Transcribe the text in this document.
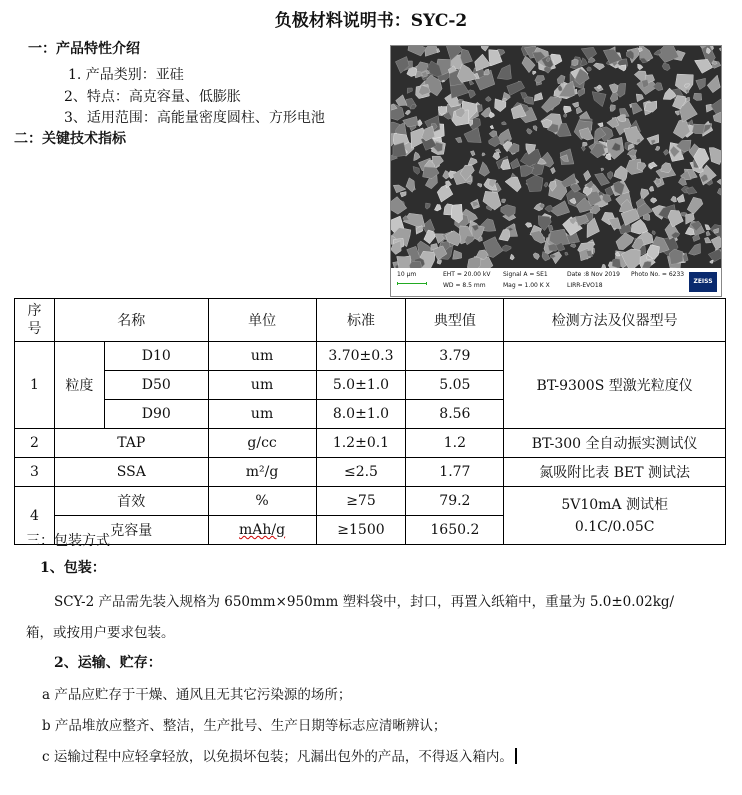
负极材料说明书：SYC-2
一：产品特性介绍
1. 产品类别：亚硅
2、特点：高克容量、低膨胀
3、适用范围：高能量密度圆柱、方形电池
二：关键技术指标
10 μm	EHT = 20.00 kV
WD = 8.5 mm
Signal A = SE1
Mag = 1.00 K X
Date :8 Nov 2019
LIRR-EVO18
Photo No. = 6233
ZEISS
序号	名称		单位	标准	典型值	检测方法及仪器型号
1	粒度	D10	um	3.70±0.3	3.79	BT-9300S 型激光粒度仪
		D50	um	5.0±1.0	5.05	
		D90	um	8.0±1.0	8.56	
2	TAP		g/cc	1.2±0.1	1.2	BT-300 全自动振实测试仪
3	SSA		m²/g	≤2.5	1.77	氮吸附比表 BET 测试法
4	首效		%	≥75	79.2	5V10mA 测试柜
0.1C/0.05C

	克容量		mAh/g	≥1500	1650.2	
三：包装方式
1、包装：
SCY-2 产品需先装入规格为 650mm×950mm 塑料袋中，封口，再置入纸箱中，重量为 5.0±0.02kg/
箱，或按用户要求包装。
2、运输、贮存：
a 产品应贮存于干燥、通风且无其它污染源的场所；
b 产品堆放应整齐、整洁，生产批号、生产日期等标志应清晰辨认；
c 运输过程中应轻拿轻放，以免损坏包装；凡漏出包外的产品，不得返入箱内。
